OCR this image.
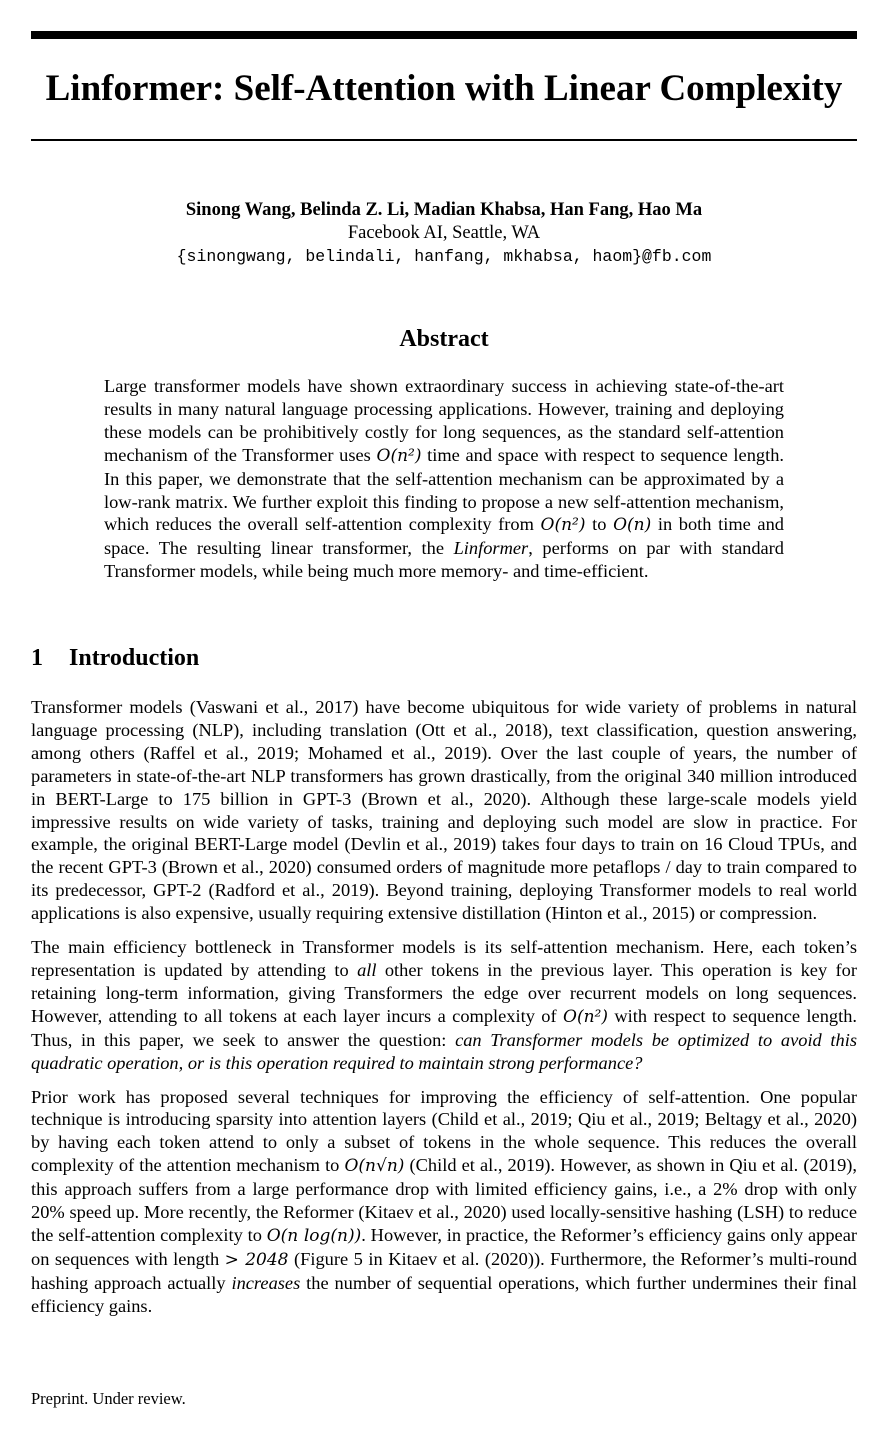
Linformer: Self-Attention with Linear Complexity
Sinong Wang, Belinda Z. Li, Madian Khabsa, Han Fang, Hao Ma
Facebook AI, Seattle, WA
{sinongwang, belindali, hanfang, mkhabsa, haom}@fb.com
Abstract
Large transformer models have shown extraordinary success in achieving state-of-the-art results in many natural language processing applications. However, training and deploying these models can be prohibitively costly for long sequences, as the standard self-attention mechanism of the Transformer uses O(n²) time and space with respect to sequence length. In this paper, we demonstrate that the self-attention mechanism can be approximated by a low-rank matrix. We further exploit this finding to propose a new self-attention mechanism, which reduces the overall self-attention complexity from O(n²) to O(n) in both time and space. The resulting linear transformer, the Linformer, performs on par with standard Transformer models, while being much more memory- and time-efficient.
1 Introduction

Transformer models (Vaswani et al., 2017) have become ubiquitous for wide variety of problems in natural language processing (NLP), including translation (Ott et al., 2018), text classification, question answering, among others (Raffel et al., 2019; Mohamed et al., 2019). Over the last couple of years, the number of parameters in state-of-the-art NLP transformers has grown drastically, from the original 340 million introduced in BERT-Large to 175 billion in GPT-3 (Brown et al., 2020). Although these large-scale models yield impressive results on wide variety of tasks, training and deploying such model are slow in practice. For example, the original BERT-Large model (Devlin et al., 2019) takes four days to train on 16 Cloud TPUs, and the recent GPT-3 (Brown et al., 2020) consumed orders of magnitude more petaflops / day to train compared to its predecessor, GPT-2 (Radford et al., 2019). Beyond training, deploying Transformer models to real world applications is also expensive, usually requiring extensive distillation (Hinton et al., 2015) or compression.

The main efficiency bottleneck in Transformer models is its self-attention mechanism. Here, each token’s representation is updated by attending to all other tokens in the previous layer. This operation is key for retaining long-term information, giving Transformers the edge over recurrent models on long sequences. However, attending to all tokens at each layer incurs a complexity of O(n²) with respect to sequence length. Thus, in this paper, we seek to answer the question: can Transformer models be optimized to avoid this quadratic operation, or is this operation required to maintain strong performance?

Prior work has proposed several techniques for improving the efficiency of self-attention. One popular technique is introducing sparsity into attention layers (Child et al., 2019; Qiu et al., 2019; Beltagy et al., 2020) by having each token attend to only a subset of tokens in the whole sequence. This reduces the overall complexity of the attention mechanism to O(n√n) (Child et al., 2019). However, as shown in Qiu et al. (2019), this approach suffers from a large performance drop with limited efficiency gains, i.e., a 2% drop with only 20% speed up. More recently, the Reformer (Kitaev et al., 2020) used locally-sensitive hashing (LSH) to reduce the self-attention complexity to O(n log(n)). However, in practice, the Reformer’s efficiency gains only appear on sequences with length > 2048 (Figure 5 in Kitaev et al. (2020)). Furthermore, the Reformer’s multi-round hashing approach actually increases the number of sequential operations, which further undermines their final efficiency gains.

Preprint. Under review.
